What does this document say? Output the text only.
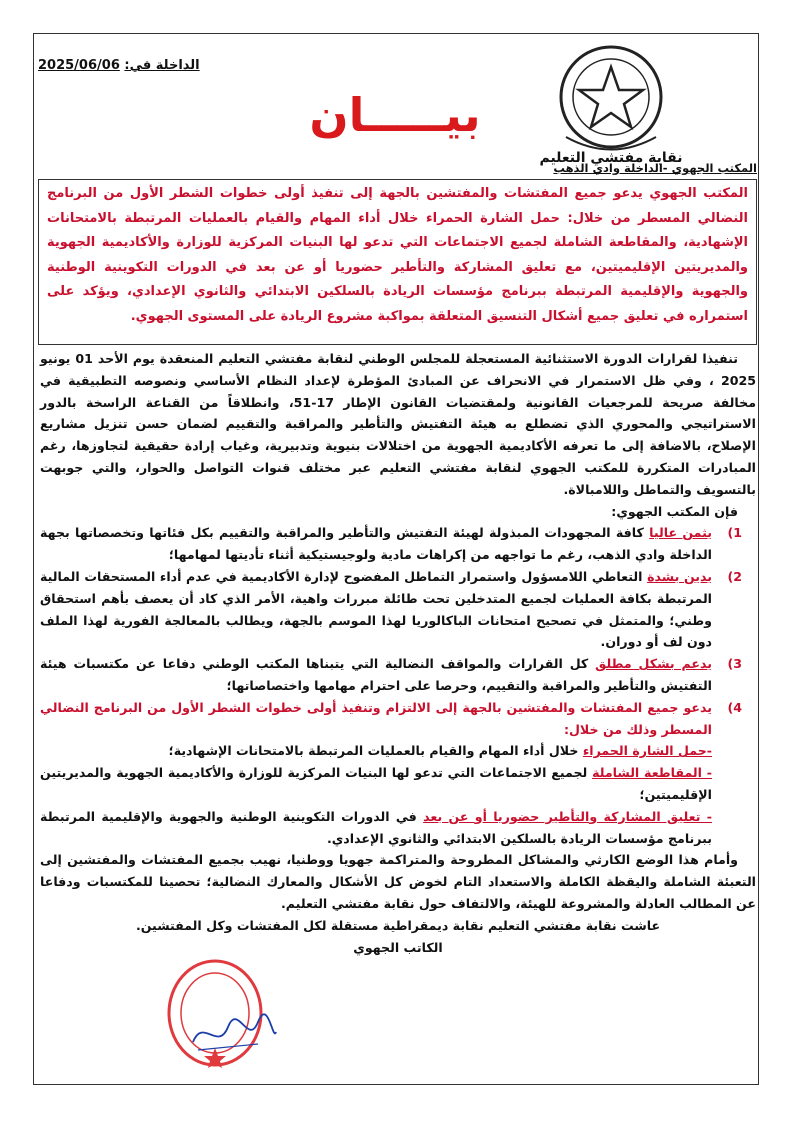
الداخلة في: 2025/06/06
نقابة مفتشي التعليم
بيـــــان
المكتب الجهوي -الداخلة وادي الذهب
المكتب الجهوي يدعو جميع المفتشات والمفتشين بالجهة إلى تنفيذ أولى خطوات الشطر الأول من البرنامج النضالي المسطر من خلال: حمل الشارة الحمراء خلال أداء المهام والقيام بالعمليات المرتبطة بالامتحانات الإشهادية، والمقاطعة الشاملة لجميع الاجتماعات التي تدعو لها البنيات المركزية للوزارة والأكاديمية الجهوية والمديريتين الإقليميتين، مع تعليق المشاركة والتأطير حضوريا أو عن بعد في الدورات التكوينية الوطنية والجهوية والإقليمية المرتبطة ببرنامج مؤسسات الريادة بالسلكين الابتدائي والثانوي الإعدادي، ويؤكد على استمراره في تعليق جميع أشكال التنسيق المتعلقة بمواكبة مشروع الريادة على المستوى الجهوي.

تنفيذا لقرارات الدورة الاستثنائية المستعجلة للمجلس الوطني لنقابة مفتشي التعليم المنعقدة يوم الأحد 01 يونيو 2025 ، وفي ظل الاستمرار في الانحراف عن المبادئ المؤطرة لإعداد النظام الأساسي ونصوصه التطبيقية في مخالفة صريحة للمرجعيات القانونية ولمقتضيات القانون الإطار 17-51، وانطلاقاً من القناعة الراسخة بالدور الاستراتيجي والمحوري الذي تضطلع به هيئة التفتيش والتأطير والمراقبة والتقييم لضمان حسن تنزيل مشاريع الإصلاح، بالاضافة إلى ما تعرفه الأكاديمية الجهوية من اختلالات بنيوية وتدبيرية، وغياب إرادة حقيقية لتجاوزها، رغم المبادرات المتكررة للمكتب الجهوي لنقابة مفتشي التعليم عبر مختلف قنوات التواصل والحوار، والتي جوبهت بالتسويف والتماطل واللامبالاة.

فإن المكتب الجهوي:

1)
يثمن عاليا كافة المجهودات المبذولة لهيئة التفتيش والتأطير والمراقبة والتقييم بكل فئاتها وتخصصاتها بجهة الداخلة وادي الذهب، رغم ما تواجهه من إكراهات مادية ولوجيستيكية أثناء تأديتها لمهامها؛

2)
يدين بشدة التعاطي اللامسؤول واستمرار التماطل المفضوح لإدارة الأكاديمية في عدم أداء المستحقات المالية المرتبطة بكافة العمليات لجميع المتدخلين تحت طائلة مبررات واهية، الأمر الذي كاد أن يعصف بأهم استحقاق وطني؛ والمتمثل في تصحيح امتحانات الباكالوريا لهذا الموسم بالجهة، ويطالب بالمعالجة الفورية لهذا الملف دون لف أو دوران.

3)
يدعم بشكل مطلق كل القرارات والمواقف النضالية التي يتبناها المكتب الوطني دفاعا عن مكتسبات هيئة التفتيش والتأطير والمراقبة والتقييم، وحرصا على احترام مهامها واختصاصاتها؛

4)
يدعو جميع المفتشات والمفتشين بالجهة إلى الالتزام وتنفيذ أولى خطوات الشطر الأول من البرنامج النضالي المسطر وذلك من خلال:

-حمل الشارة الحمراء خلال أداء المهام والقيام بالعمليات المرتبطة بالامتحانات الإشهادية؛

- المقاطعة الشاملة لجميع الاجتماعات التي تدعو لها البنيات المركزية للوزارة والأكاديمية الجهوية والمديريتين الإقليميتين؛

- تعليق المشاركة والتأطير حضوريا أو عن بعد في الدورات التكوينية الوطنية والجهوية والإقليمية المرتبطة ببرنامج مؤسسات الريادة بالسلكين الابتدائي والثانوي الإعدادي.

وأمام هذا الوضع الكارثي والمشاكل المطروحة والمتراكمة جهويا ووطنيا، نهيب بجميع المفتشات والمفتشين إلى التعبئة الشاملة واليقظة الكاملة والاستعداد التام لخوض كل الأشكال والمعارك النضالية؛ تحصينا للمكتسبات ودفاعا عن المطالب العادلة والمشروعة للهيئة، والالتفاف حول نقابة مفتشي التعليم.

عاشت نقابة مفتشي التعليم نقابة ديمقراطية مستقلة لكل المفتشات وكل المفتشين.

الكاتب الجهوي
